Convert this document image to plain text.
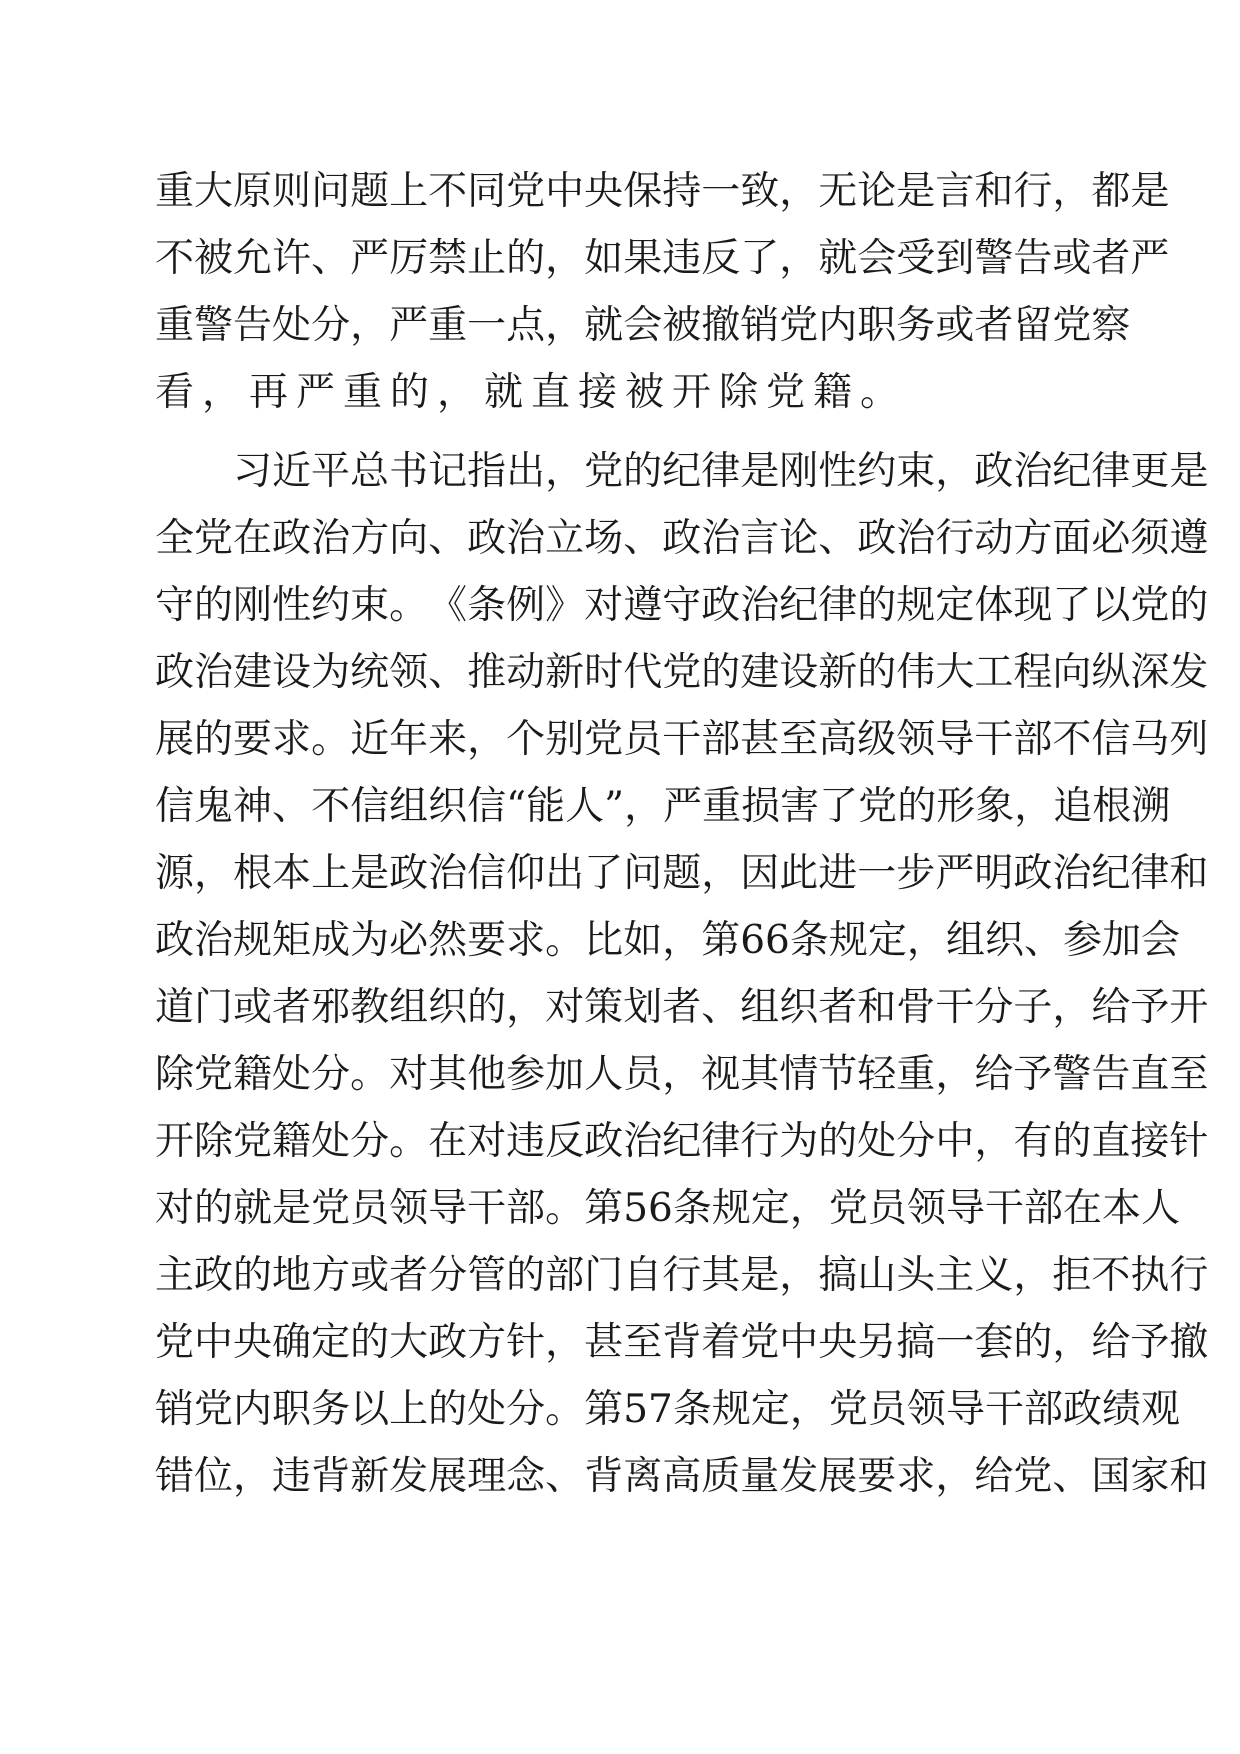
重 大 原 则 问 题 上 不 同 党 中 央 保 持 一 致 ， 无 论 是 言 和 行 ， 都 是
不 被 允 许 、 严 厉 禁 止 的 ， 如 果 违 反 了 ， 就 会 受 到 警 告 或 者 严
重 警 告 处 分 ， 严 重 一 点 ， 就 会 被 撤 销 党 内 职 务 或 者 留 党 察
看，再严重的，就直接被开除党籍。
习 近 平 总 书 记 指 出 ， 党 的 纪 律 是 刚 性 约 束 ， 政 治 纪 律 更 是
全 党 在 政 治 方 向 、 政 治 立 场 、 政 治 言 论 、 政 治 行 动 方 面 必 须 遵
守 的 刚 性 约 束 。 《 条 例 》 对 遵 守 政 治 纪 律 的 规 定 体 现 了 以 党 的
政 治 建 设 为 统 领 、 推 动 新 时 代 党 的 建 设 新 的 伟 大 工 程 向 纵 深 发
展 的 要 求 。 近 年 来 ， 个 别 党 员 干 部 甚 至 高 级 领 导 干 部 不 信 马 列
信 鬼 神 、 不 信 组 织 信 “ 能 人 ” ， 严 重 损 害 了 党 的 形 象 ， 追 根 溯
源 ， 根 本 上 是 政 治 信 仰 出 了 问 题 ， 因 此 进 一 步 严 明 政 治 纪 律 和
政 治 规 矩 成 为 必 然 要 求 。 比 如 ， 第 66 条 规 定 ， 组 织 、 参 加 会
道 门 或 者 邪 教 组 织 的 ， 对 策 划 者 、 组 织 者 和 骨 干 分 子 ， 给 予 开
除 党 籍 处 分 。 对 其 他 参 加 人 员 ， 视 其 情 节 轻 重 ， 给 予 警 告 直 至
开 除 党 籍 处 分 。 在 对 违 反 政 治 纪 律 行 为 的 处 分 中 ， 有 的 直 接 针
对 的 就 是 党 员 领 导 干 部 。 第 56 条 规 定 ， 党 员 领 导 干 部 在 本 人
主 政 的 地 方 或 者 分 管 的 部 门 自 行 其 是 ， 搞 山 头 主 义 ， 拒 不 执 行
党 中 央 确 定 的 大 政 方 针 ， 甚 至 背 着 党 中 央 另 搞 一 套 的 ， 给 予 撤
销 党 内 职 务 以 上 的 处 分 。 第 57 条 规 定 ， 党 员 领 导 干 部 政 绩 观
错 位 ， 违 背 新 发 展 理 念 、 背 离 高 质 量 发 展 要 求 ， 给 党 、 国 家 和
